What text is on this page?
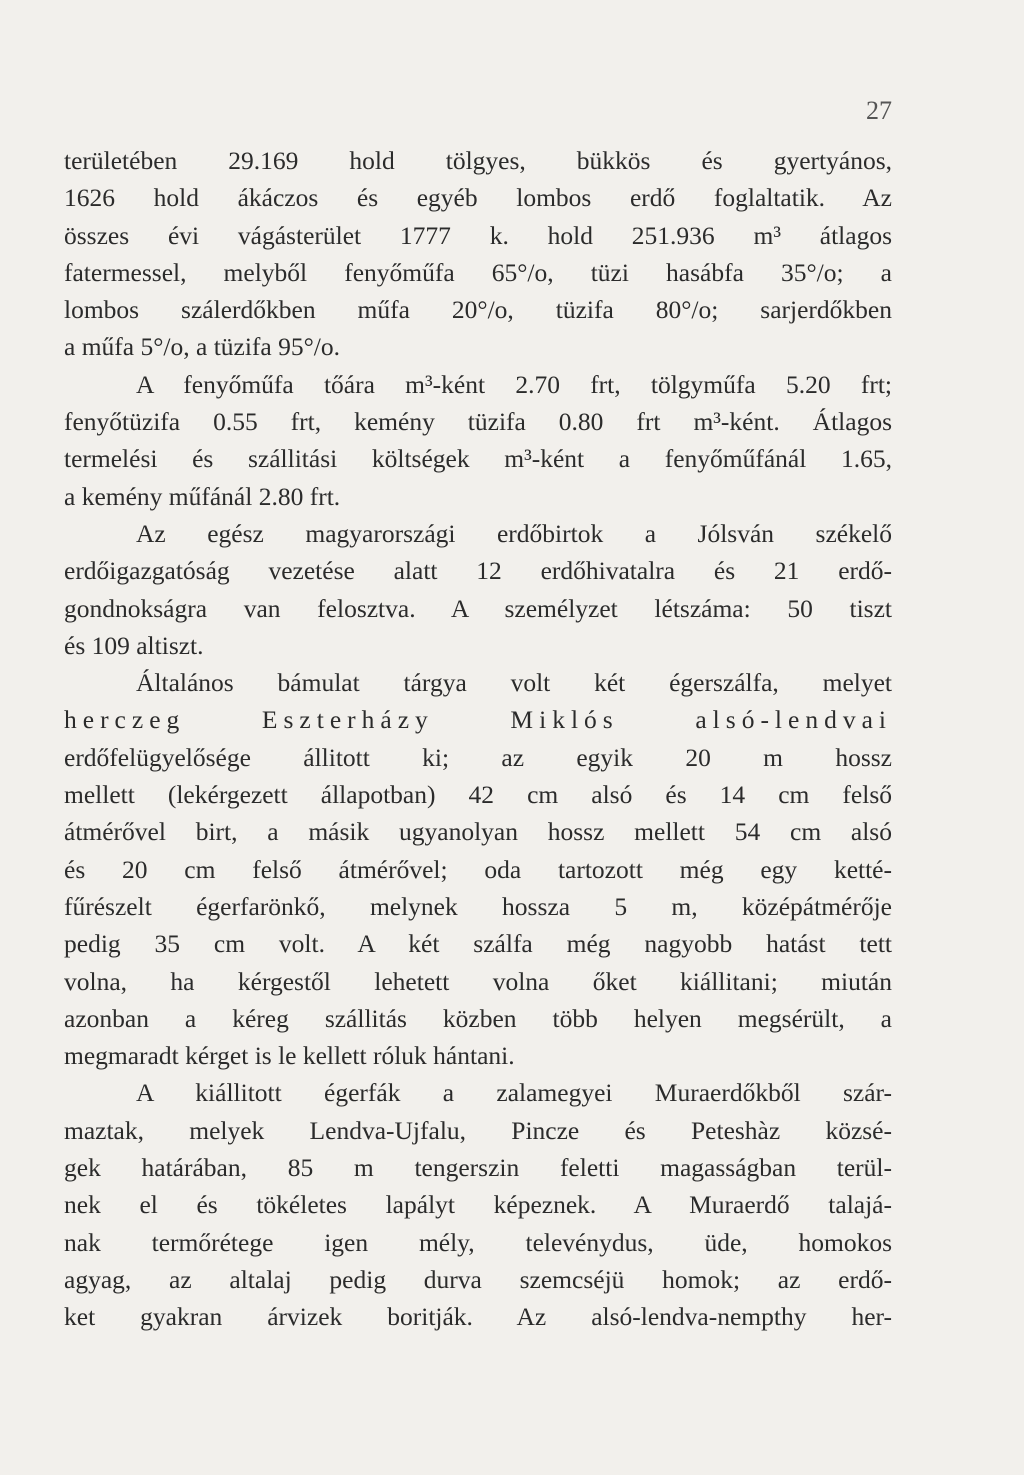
27
területében 29.169 hold tölgyes, bükkös és gyertyános,
1626 hold ákáczos és egyéb lombos erdő foglaltatik. Az
összes évi vágásterület 1777 k. hold 251.936 m³ átlagos
fatermessel, melyből fenyőműfa 65°/o, tüzi hasábfa 35°/o; a
lombos szálerdőkben műfa 20°/o, tüzifa 80°/o; sarjerdőkben
a műfa 5°/o, a tüzifa 95°/o.
A fenyőműfa tőára m³-ként 2.70 frt, tölgyműfa 5.20 frt;
fenyőtüzifa 0.55 frt, kemény tüzifa 0.80 frt m³-ként. Átlagos
termelési és szállitási költségek m³-ként a fenyőműfánál 1.65,
a kemény műfánál 2.80 frt.
Az egész magyarországi erdőbirtok a Jólsván székelő
erdőigazgatóság vezetése alatt 12 erdőhivatalra és 21 erdő-
gondnokságra van felosztva. A személyzet létszáma: 50 tiszt
és 109 altiszt.
Általános bámulat tárgya volt két égerszálfa, melyet
herczeg Eszterházy Miklós alsó-lendvai
erdőfelügyelősége állitott ki; az egyik 20 m hossz
mellett (lekérgezett állapotban) 42 cm alsó és 14 cm felső
átmérővel birt, a másik ugyanolyan hossz mellett 54 cm alsó
és 20 cm felső átmérővel; oda tartozott még egy ketté-
fűrészelt égerfarönkő, melynek hossza 5 m, középátmérője
pedig 35 cm volt. A két szálfa még nagyobb hatást tett
volna, ha kérgestől lehetett volna őket kiállitani; miután
azonban a kéreg szállitás közben több helyen megsérült, a
megmaradt kérget is le kellett róluk hántani.
A kiállitott égerfák a zalamegyei Muraerdőkből szár-
maztak, melyek Lendva-Ujfalu, Pincze és Peteshàz közsé-
gek határában, 85 m tengerszin feletti magasságban terül-
nek el és tökéletes lapályt képeznek. A Muraerdő talajá-
nak termőrétege igen mély, televénydus, üde, homokos
agyag, az altalaj pedig durva szemcséjü homok; az erdő-
ket gyakran árvizek boritják. Az alsó-lendva-nempthy her-
